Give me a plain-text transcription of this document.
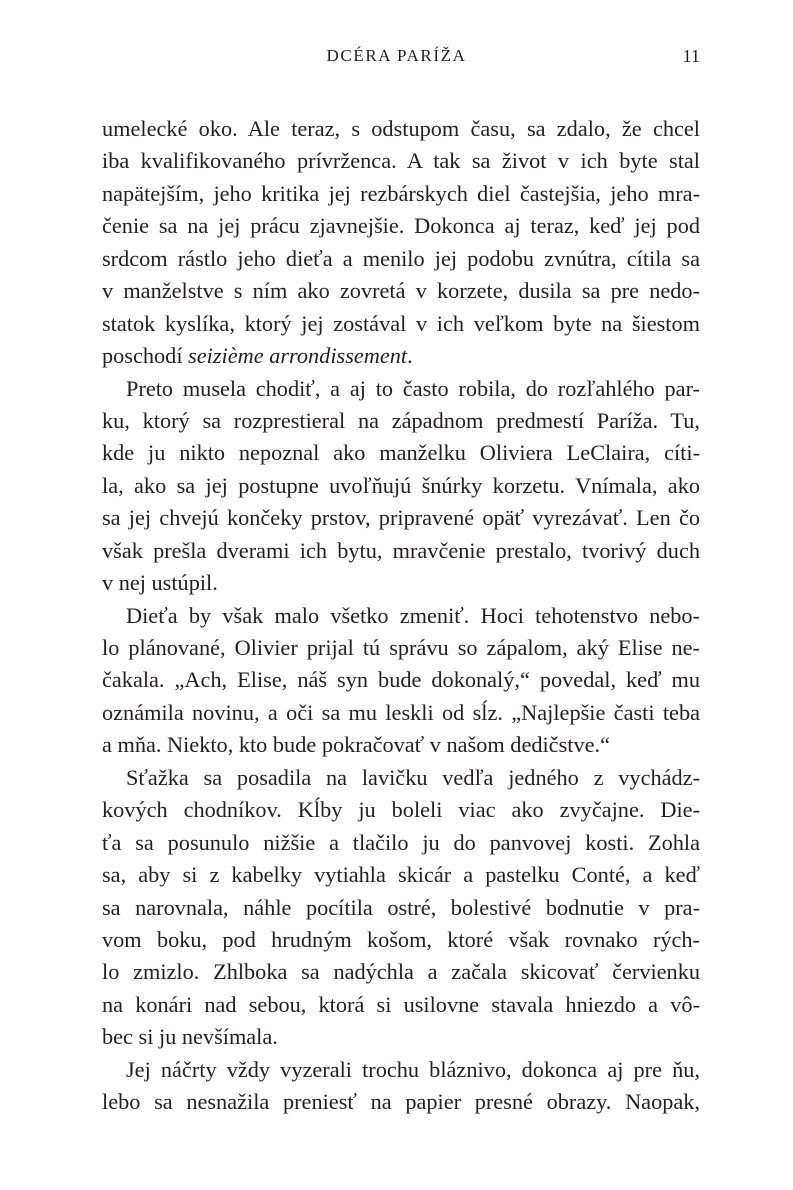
DCÉRA PARÍŽA	11
umelecké oko. Ale teraz, s odstupom času, sa zdalo, že chcel
iba kvalifikovaného prívrženca. A tak sa život v ich byte stal
napätejším, jeho kritika jej rezbárskych diel častejšia, jeho mra-
čenie sa na jej prácu zjavnejšie. Dokonca aj teraz, keď jej pod
srdcom rástlo jeho dieťa a menilo jej podobu zvnútra, cítila sa
v manželstve s ním ako zovretá v korzete, dusila sa pre nedo-
statok kyslíka, ktorý jej zostával v ich veľkom byte na šiestom
poschodí seizième arrondissement.
Preto musela chodiť, a aj to často robila, do rozľahlého par-
ku, ktorý sa rozprestieral na západnom predmestí Paríža. Tu,
kde ju nikto nepoznal ako manželku Oliviera LeClaira, cíti-
la, ako sa jej postupne uvoľňujú šnúrky korzetu. Vnímala, ako
sa jej chvejú končeky prstov, pripravené opäť vyrezávať. Len čo
však prešla dverami ich bytu, mravčenie prestalo, tvorivý duch
v nej ustúpil.
Dieťa by však malo všetko zmeniť. Hoci tehotenstvo nebo-
lo plánované, Olivier prijal tú správu so zápalom, aký Elise ne-
čakala. „Ach, Elise, náš syn bude dokonalý,“ povedal, keď mu
oznámila novinu, a oči sa mu leskli od sĺz. „Najlepšie časti teba
a mňa. Niekto, kto bude pokračovať v našom dedičstve.“
Sťažka sa posadila na lavičku vedľa jedného z vychádz-
kových chodníkov. Kĺby ju boleli viac ako zvyčajne. Die-
ťa sa posunulo nižšie a tlačilo ju do panvovej kosti. Zohla
sa, aby si z kabelky vytiahla skicár a pastelku Conté, a keď
sa narovnala, náhle pocítila ostré, bolestivé bodnutie v pra-
vom boku, pod hrudným košom, ktoré však rovnako rých-
lo zmizlo. Zhlboka sa nadýchla a začala skicovať červienku
na konári nad sebou, ktorá si usilovne stavala hniezdo a vô-
bec si ju nevšímala.
Jej náčrty vždy vyzerali trochu bláznivo, dokonca aj pre ňu,
lebo sa nesnažila preniesť na papier presné obrazy. Naopak,
